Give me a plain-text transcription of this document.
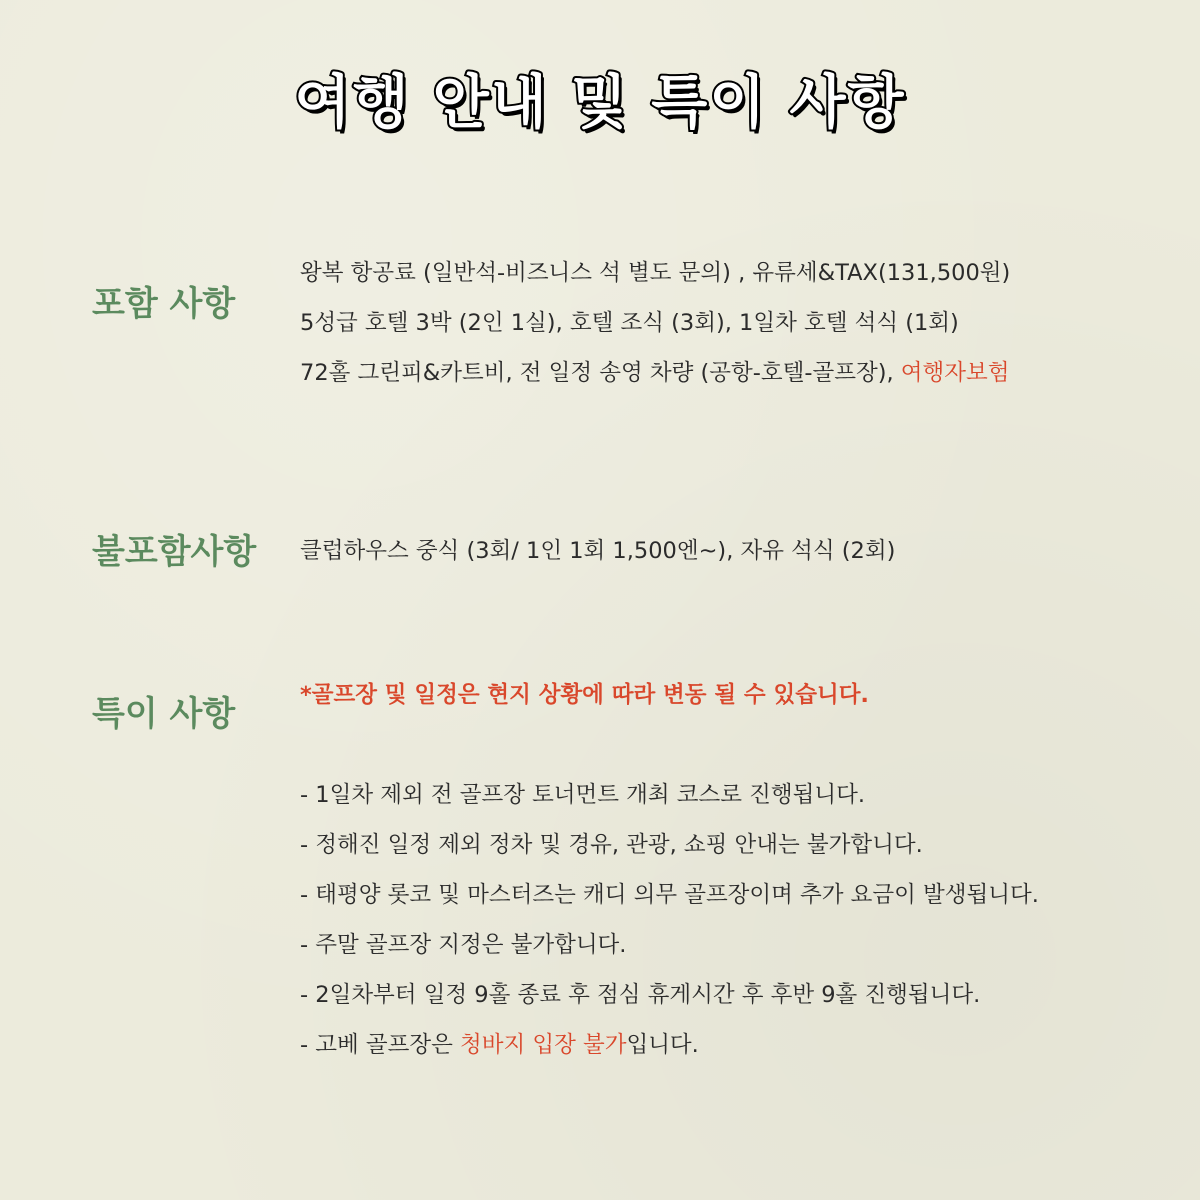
여행 안내 및 특이 사항
포함 사항
왕복 항공료 (일반석-비즈니스 석 별도 문의) , 유류세&TAX(131,500원)
5성급 호텔 3박 (2인 1실), 호텔 조식 (3회), 1일차 호텔 석식 (1회)
72홀 그린피&카트비, 전 일정 송영 차량 (공항-호텔-골프장), 여행자보험
불포함사항 클럽하우스 중식 (3회/ 1인 1회 1,500엔~), 자유 석식 (2회)
특이 사항	*골프장 및 일정은 현지 상황에 따라 변동 될 수 있습니다.
- 1일차 제외 전 골프장 토너먼트 개최 코스로 진행됩니다.
- 정해진 일정 제외 정차 및 경유, 관광, 쇼핑 안내는 불가합니다.
- 태평양 롯코 및 마스터즈는 캐디 의무 골프장이며 추가 요금이 발생됩니다.
- 주말 골프장 지정은 불가합니다.
- 2일차부터 일정 9홀 종료 후 점심 휴게시간 후 후반 9홀 진행됩니다.
- 고베 골프장은 청바지 입장 불가입니다.
